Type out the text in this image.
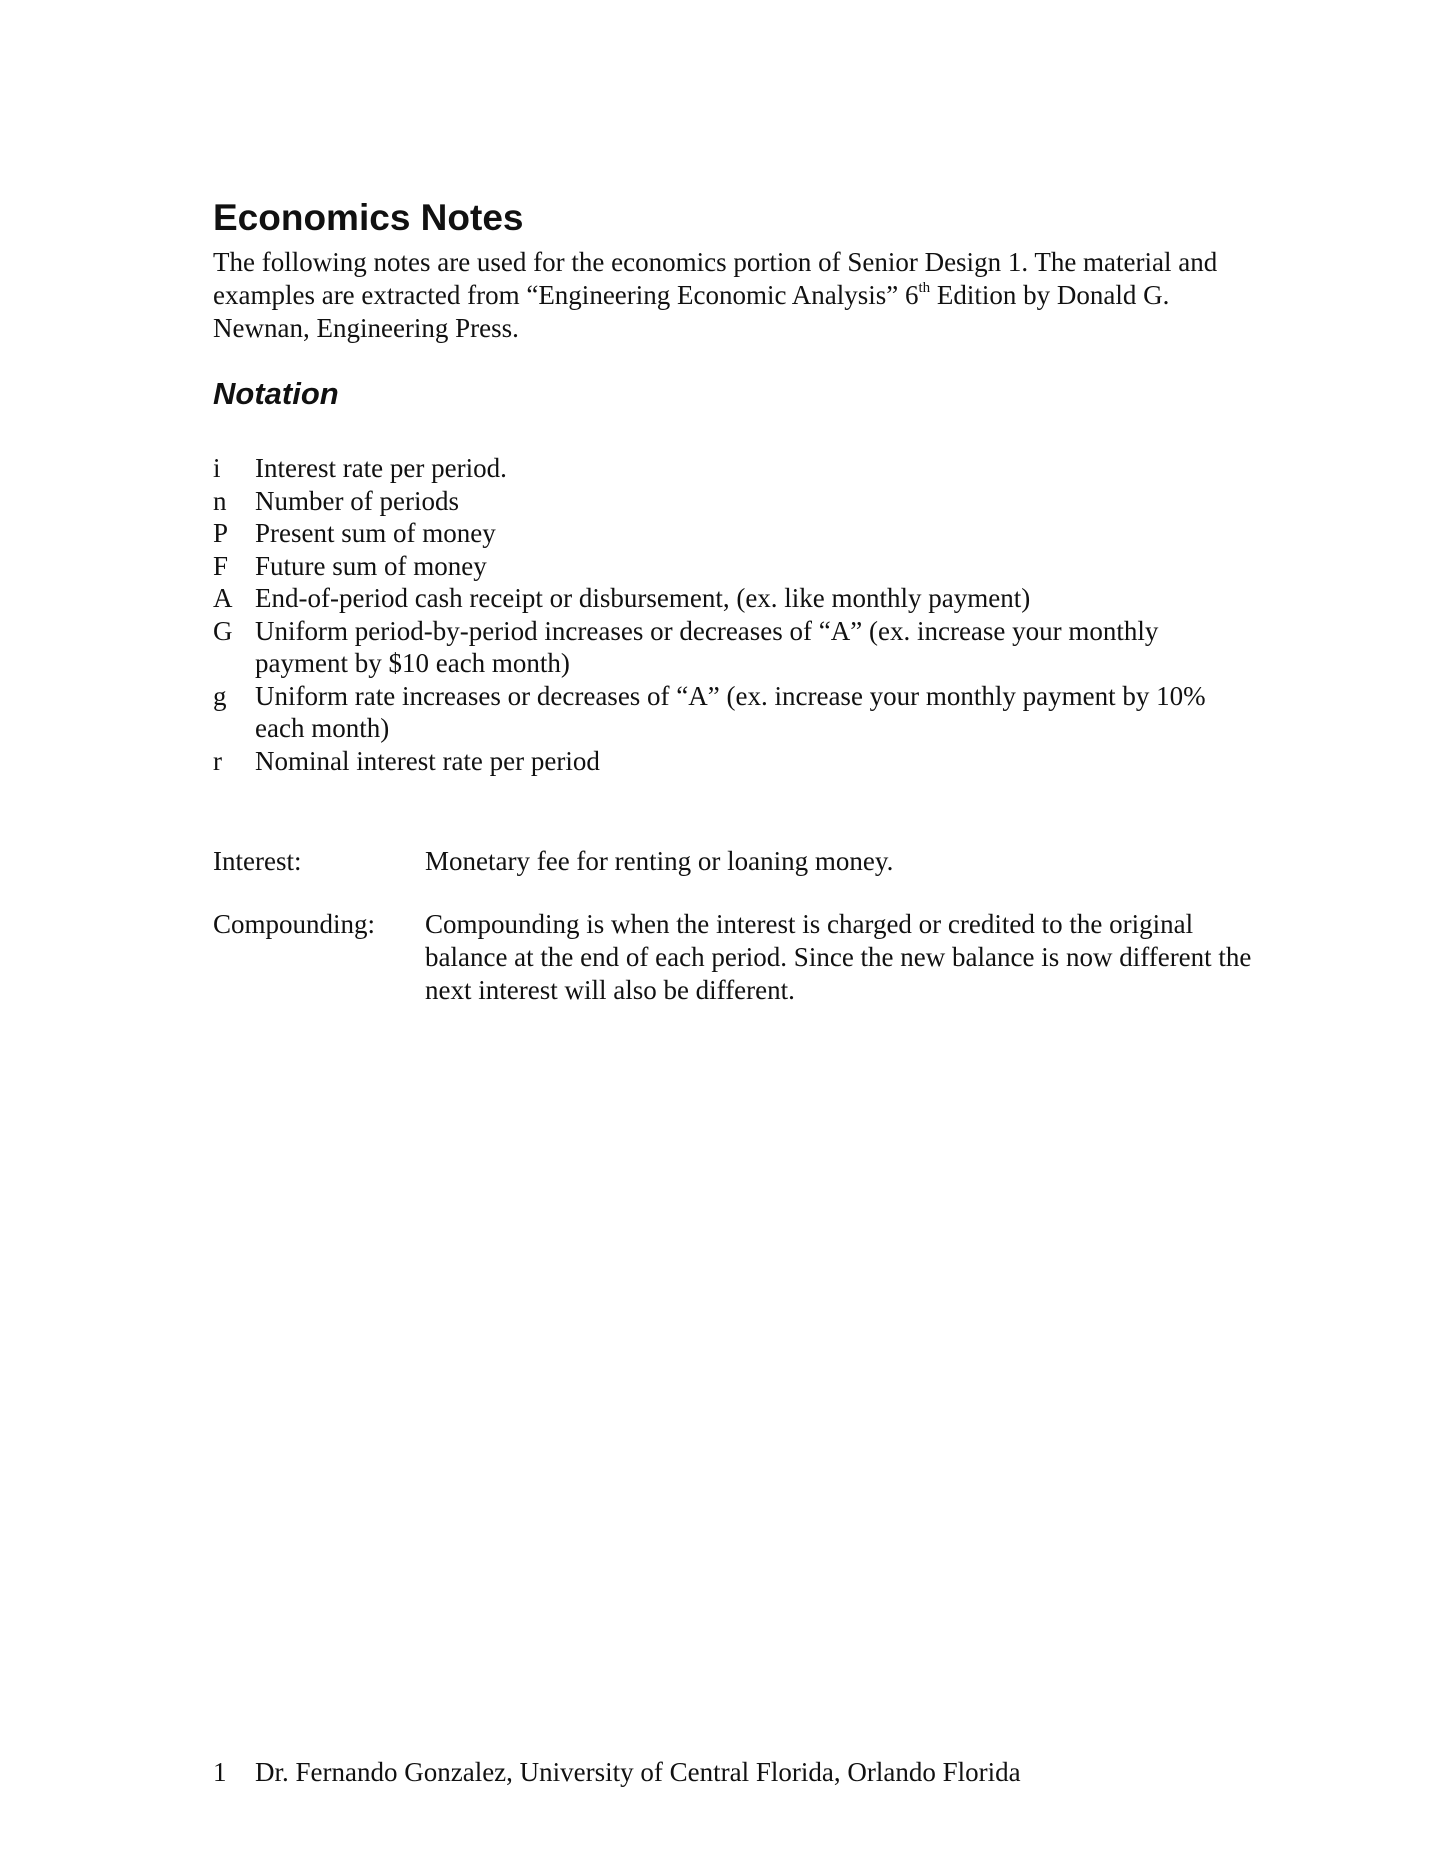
Economics Notes

The following notes are used for the economics portion of Senior Design 1. The material and examples are extracted from “Engineering Economic Analysis” 6th Edition by Donald G. Newnan, Engineering Press.

Notation
i	Interest rate per period.
n	Number of periods
P Present sum of money
F Future sum of money
A End-of-period cash receipt or disbursement, (ex. like monthly payment)
G Uniform period-by-period increases or decreases of “A” (ex. increase your monthly payment by $10 each month)
g	Uniform rate increases or decreases of “A” (ex. increase your monthly payment by 10% each month)
r	Nominal interest rate per period
Interest:	Monetary fee for renting or loaning money.
Compounding:	Compounding is when the interest is charged or credited to the original balance at the end of each period. Since the new balance is now different the next interest will also be different.
1	Dr. Fernando Gonzalez, University of Central Florida, Orlando Florida
